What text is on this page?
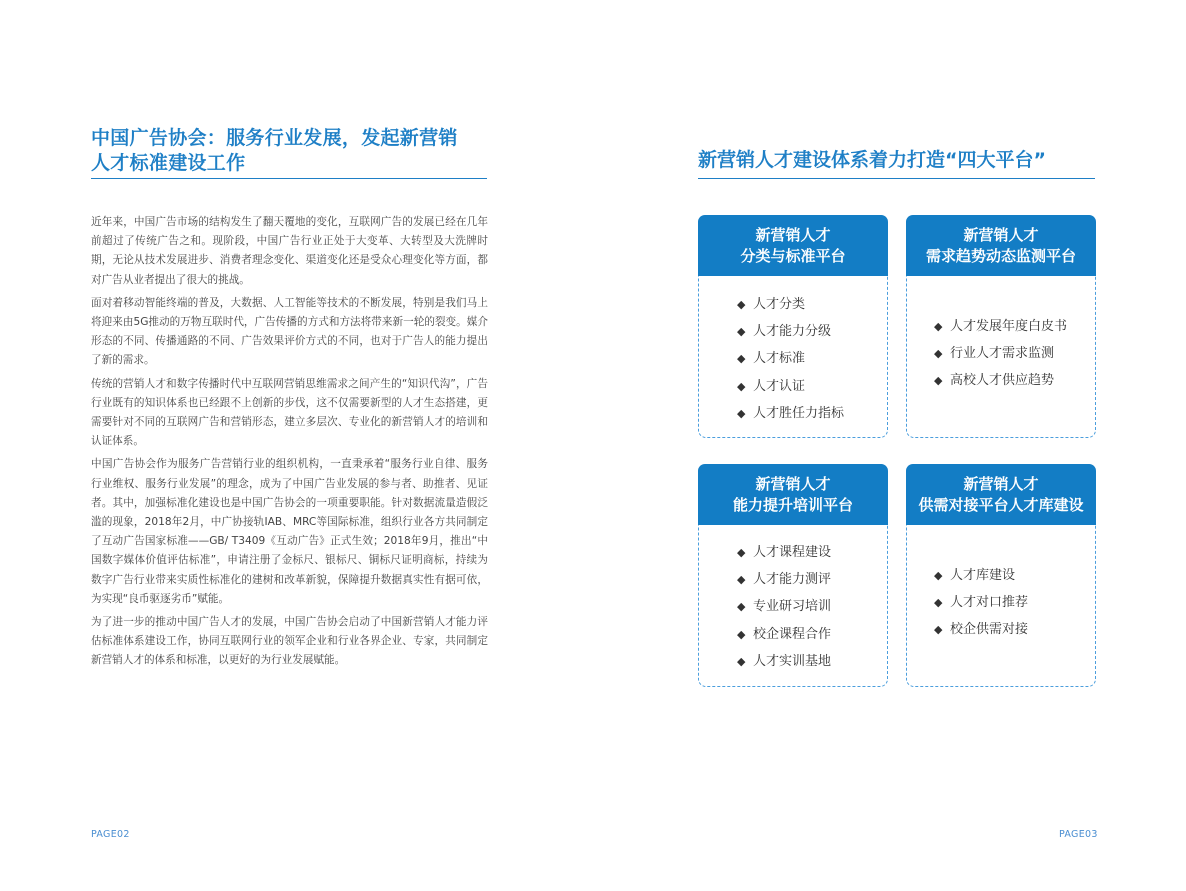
中国广告协会：服务行业发展，发起新营销
人才标准建设工作

近年来，中国广告市场的结构发生了翻天覆地的变化，互联网广告的发展已经在几年前超过了传统广告之和。现阶段，中国广告行业正处于大变革、大转型及大洗牌时期，无论从技术发展进步、消费者理念变化、渠道变化还是受众心理变化等方面，都对广告从业者提出了很大的挑战。

面对着移动智能终端的普及，大数据、人工智能等技术的不断发展，特别是我们马上将迎来由5G推动的万物互联时代，广告传播的方式和方法将带来新一轮的裂变。媒介形态的不同、传播通路的不同、广告效果评价方式的不同，也对于广告人的能力提出了新的需求。

传统的营销人才和数字传播时代中互联网营销思维需求之间产生的“知识代沟”，广告行业既有的知识体系也已经跟不上创新的步伐，这不仅需要新型的人才生态搭建，更需要针对不同的互联网广告和营销形态，建立多层次、专业化的新营销人才的培训和认证体系。

中国广告协会作为服务广告营销行业的组织机构，一直秉承着“服务行业自律、服务行业维权、服务行业发展”的理念，成为了中国广告业发展的参与者、助推者、见证者。其中，加强标准化建设也是中国广告协会的一项重要职能。针对数据流量造假泛滥的现象，2018年2月，中广协接轨IAB、MRC等国际标准，组织行业各方共同制定了互动广告国家标准——GB/ T3409《互动广告》正式生效；2018年9月，推出“中国数字媒体价值评估标准”，申请注册了金标尺、银标尺、铜标尺证明商标，持续为数字广告行业带来实质性标准化的建树和改革新貌，保障提升数据真实性有据可依，为实现“良币驱逐劣币”赋能。

为了进一步的推动中国广告人才的发展，中国广告协会启动了中国新营销人才能力评估标准体系建设工作，协同互联网行业的领军企业和行业各界企业、专家，共同制定新营销人才的体系和标准，以更好的为行业发展赋能。

PAGE02
新营销人才建设体系着力打造“四大平台”
新营销人才
分类与标准平台
◆ 人才分类
◆ 人才能力分级
◆ 人才标准
◆ 人才认证
◆ 人才胜任力指标
新营销人才
需求趋势动态监测平台
◆ 人才发展年度白皮书
◆ 行业人才需求监测
◆ 高校人才供应趋势
新营销人才
能力提升培训平台
◆ 人才课程建设
◆ 人才能力测评
◆ 专业研习培训
◆ 校企课程合作
◆ 人才实训基地
新营销人才
供需对接平台人才库建设
◆ 人才库建设
◆ 人才对口推荐
◆ 校企供需对接
PAGE03
